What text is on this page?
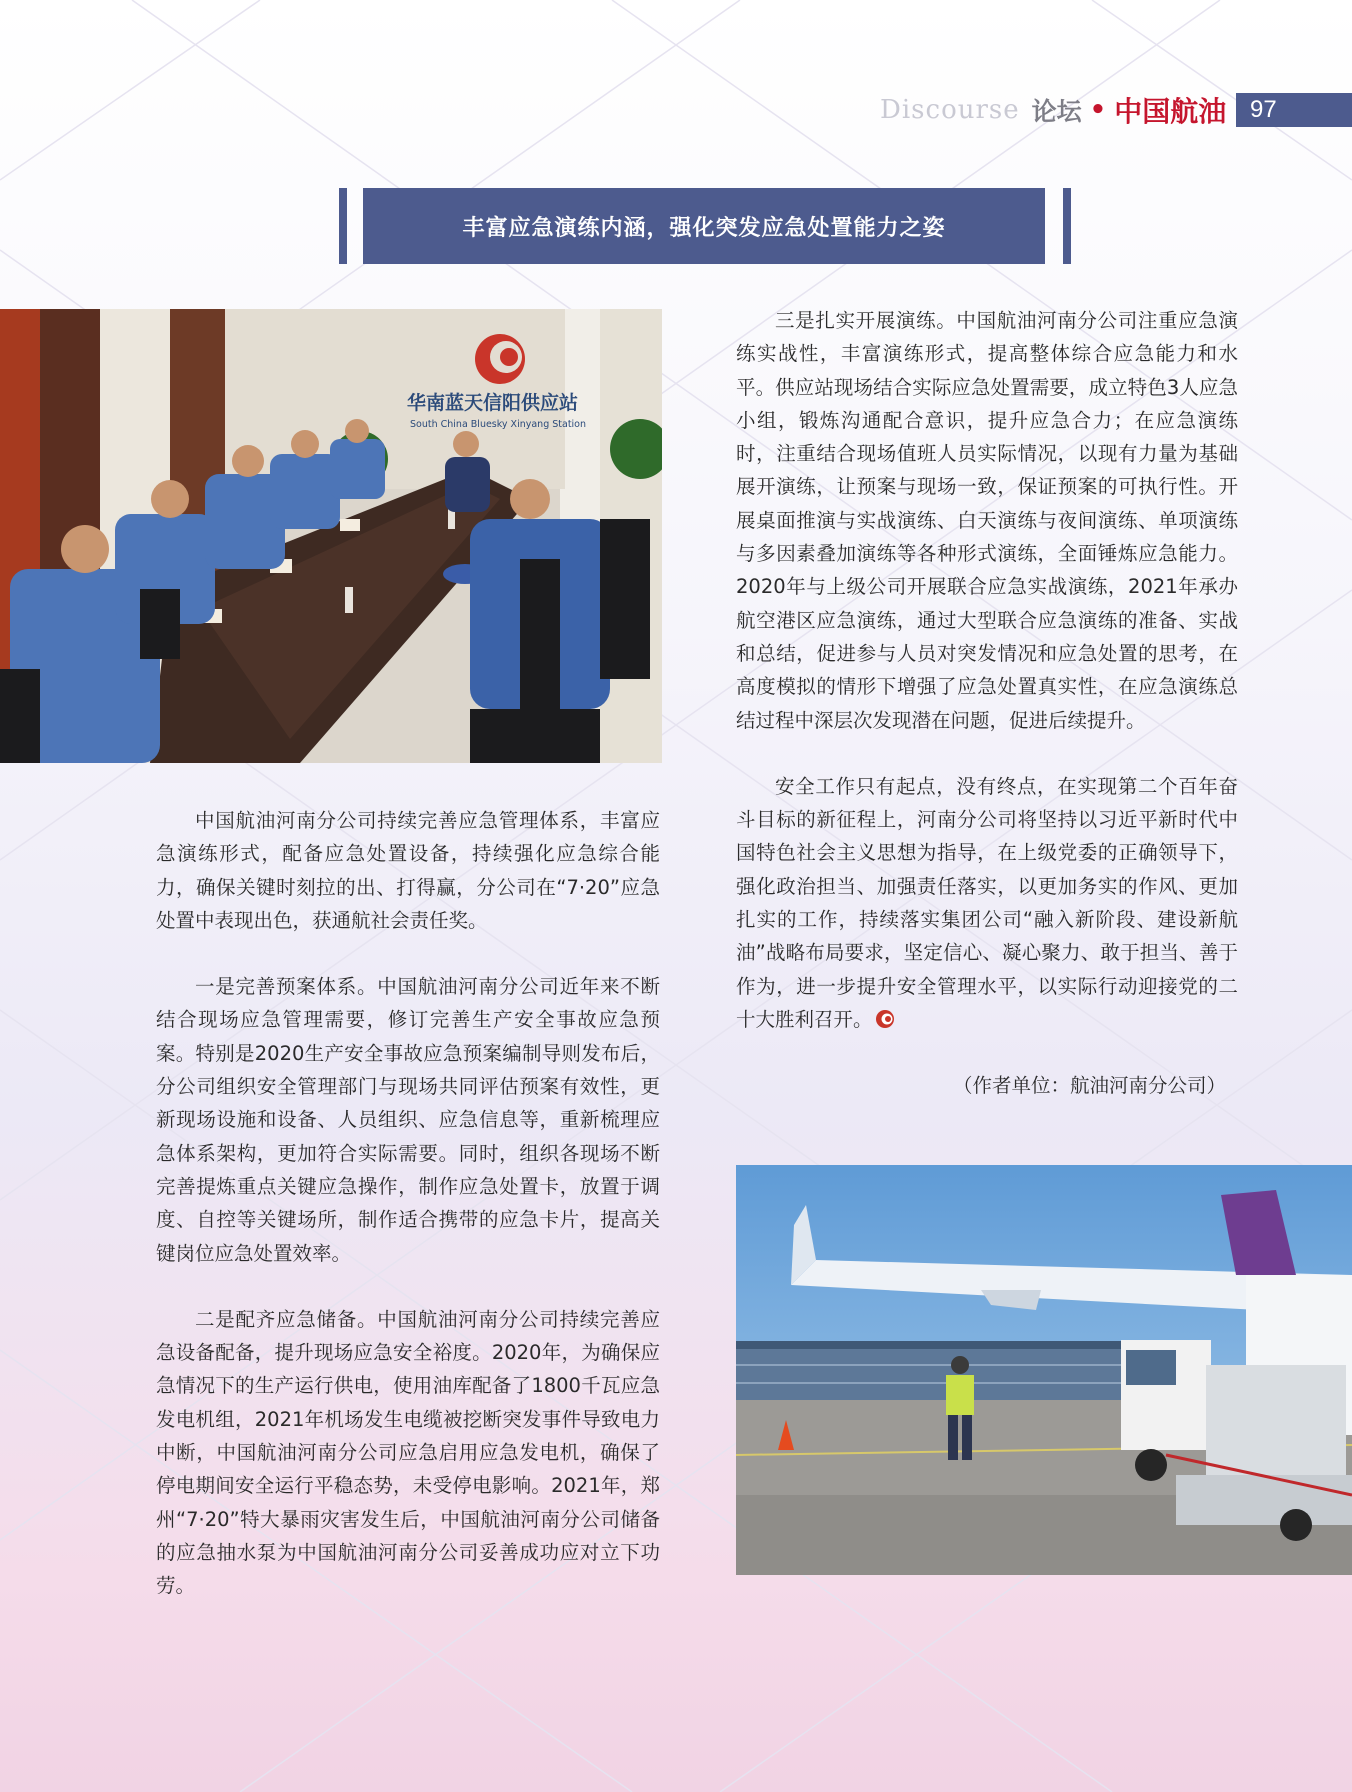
Discourse 论坛 • 中国航油 97
丰富应急演练内涵，强化突发应急处置能力之姿
华南蓝天信阳供应站
South China Bluesky Xinyang Station

中国航油河南分公司持续完善应急管理体系，丰富应急演练形式，配备应急处置设备，持续强化应急综合能力，确保关键时刻拉的出、打得赢，分公司在“7·20”应急处置中表现出色，获通航社会责任奖。

一是完善预案体系。中国航油河南分公司近年来不断结合现场应急管理需要，修订完善生产安全事故应急预案。特别是2020生产安全事故应急预案编制导则发布后，分公司组织安全管理部门与现场共同评估预案有效性，更新现场设施和设备、人员组织、应急信息等，重新梳理应急体系架构，更加符合实际需要。同时，组织各现场不断完善提炼重点关键应急操作，制作应急处置卡，放置于调度、自控等关键场所，制作适合携带的应急卡片，提高关键岗位应急处置效率。

二是配齐应急储备。中国航油河南分公司持续完善应急设备配备，提升现场应急安全裕度。2020年，为确保应急情况下的生产运行供电，使用油库配备了1800千瓦应急发电机组，2021年机场发生电缆被挖断突发事件导致电力中断，中国航油河南分公司应急启用应急发电机，确保了停电期间安全运行平稳态势，未受停电影响。2021年，郑州“7·20”特大暴雨灾害发生后，中国航油河南分公司储备的应急抽水泵为中国航油河南分公司妥善成功应对立下功劳。

三是扎实开展演练。中国航油河南分公司注重应急演练实战性，丰富演练形式，提高整体综合应急能力和水平。供应站现场结合实际应急处置需要，成立特色3人应急小组，锻炼沟通配合意识，提升应急合力；在应急演练时，注重结合现场值班人员实际情况，以现有力量为基础展开演练，让预案与现场一致，保证预案的可执行性。开展桌面推演与实战演练、白天演练与夜间演练、单项演练与多因素叠加演练等各种形式演练，全面锤炼应急能力。2020年与上级公司开展联合应急实战演练，2021年承办航空港区应急演练，通过大型联合应急演练的准备、实战和总结，促进参与人员对突发情况和应急处置的思考，在高度模拟的情形下增强了应急处置真实性，在应急演练总结过程中深层次发现潜在问题，促进后续提升。

安全工作只有起点，没有终点，在实现第二个百年奋斗目标的新征程上，河南分公司将坚持以习近平新时代中国特色社会主义思想为指导，在上级党委的正确领导下，强化政治担当、加强责任落实，以更加务实的作风、更加扎实的工作，持续落实集团公司“融入新阶段、建设新航油”战略布局要求，坚定信心、凝心聚力、敢于担当、善于作为，进一步提升安全管理水平，以实际行动迎接党的二十大胜利召开。

（作者单位：航油河南分公司）
